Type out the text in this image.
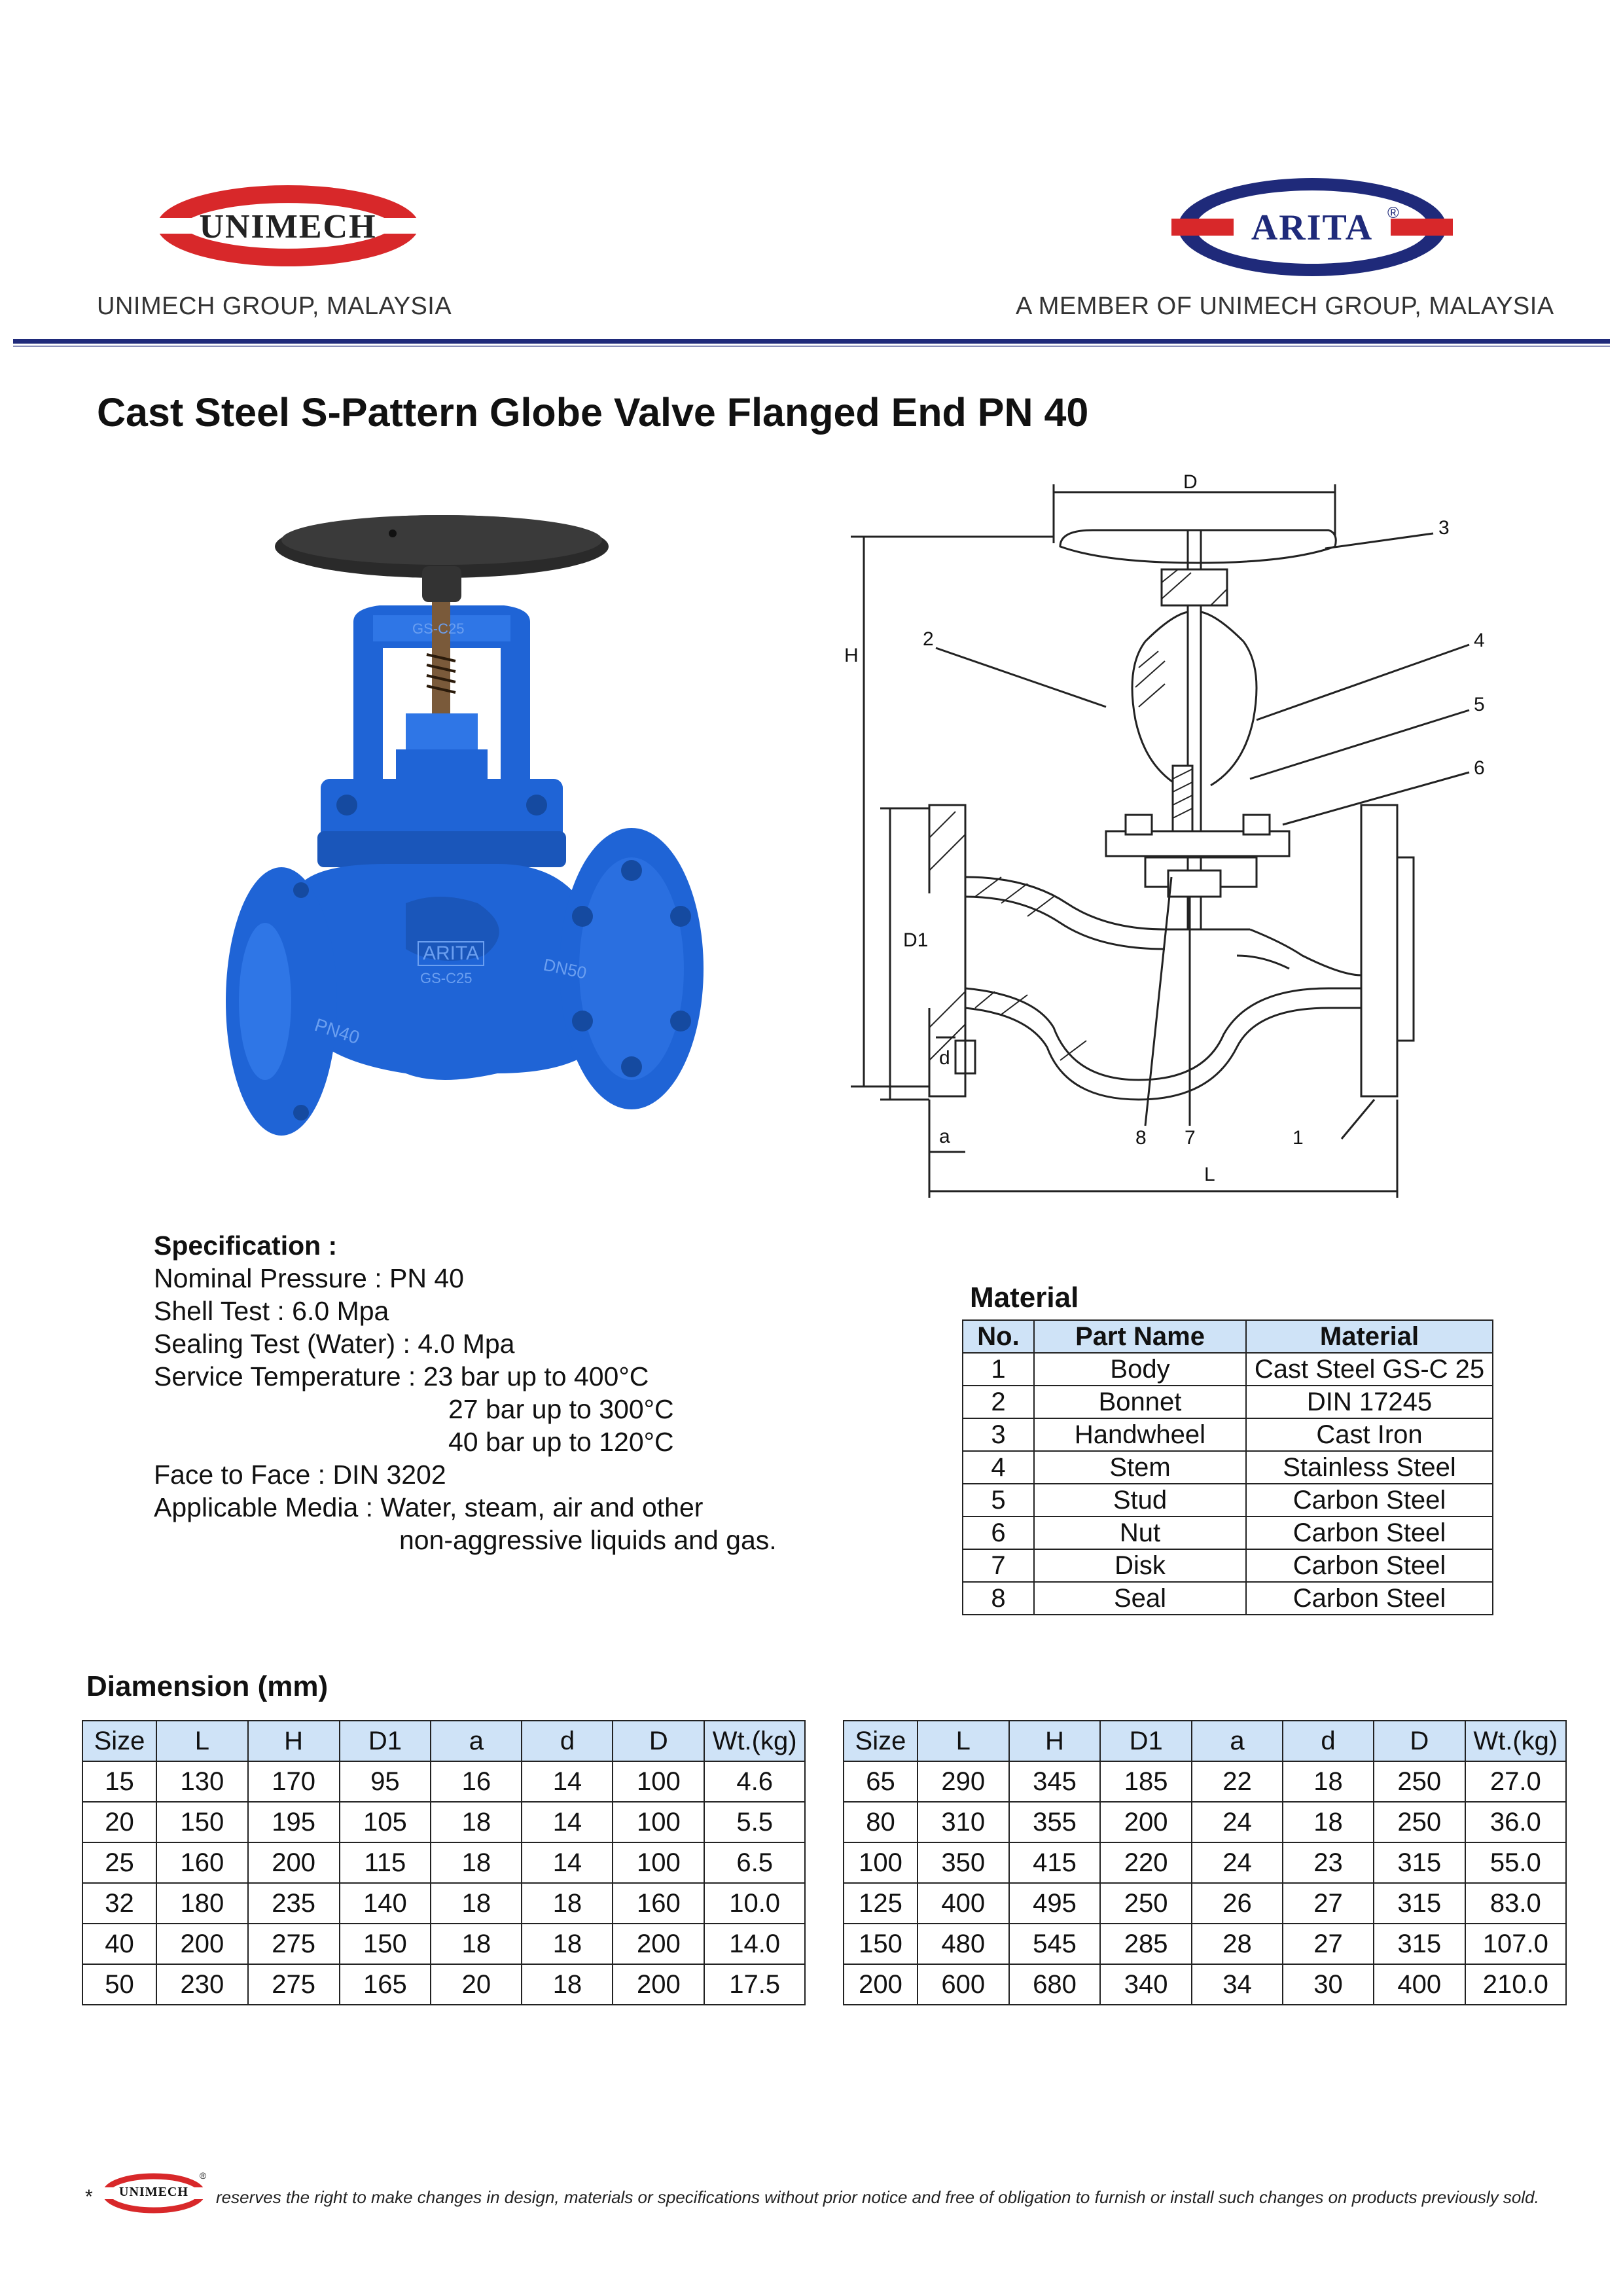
UNIMECH
UNIMECH GROUP, MALAYSIA
ARITA ®
A MEMBER OF UNIMECH GROUP, MALAYSIA
Cast Steel S-Pattern Globe Valve Flanged End PN 40
GS-C25
ARITA
GS-C25
PN40
DN50
D
H
D1
d
a
L
3
2	4
5
6
8 7	1
Specification :
Nominal Pressure : PN 40
Shell Test : 6.0 Mpa
Sealing Test (Water) : 4.0 Mpa
Service Temperature : 23 bar up to 400°C
27 bar up to 300°C
40 bar up to 120°C
Face to Face : DIN 3202
Applicable Media : Water, steam, air and other
non-aggressive liquids and gas.
Material
No.	Part Name	Material
1	Body	Cast Steel GS-C 25
2	Bonnet	DIN 17245
3	Handwheel	Cast Iron
4	Stem	Stainless Steel
5	Stud	Carbon Steel
6	Nut	Carbon Steel
7	Disk	Carbon Steel
8	Seal	Carbon Steel
Diamension (mm)
Size	L	H	D1	a	d	D	Wt.(kg)
15	130	170	95	16	14	100	4.6
20	150	195	105	18	14	100	5.5
25	160	200	115	18	14	100	6.5
32	180	235	140	18	18	160	10.0
40	200	275	150	18	18	200	14.0
50	230	275	165	20	18	200	17.5
Size	L	H	D1	a	d	D	Wt.(kg)
65	290	345	185	22	18	250	27.0
80	310	355	200	24	18	250	36.0
100	350	415	220	24	23	315	55.0
125	400	495	250	26	27	315	83.0
150	480	545	285	28	27	315	107.0
200	600	680	340	34	30	400	210.0
*	UNIMECH
®
reserves the right to make changes in design, materials or specifications without prior notice and free of obligation to furnish or install such changes on products previously sold.
